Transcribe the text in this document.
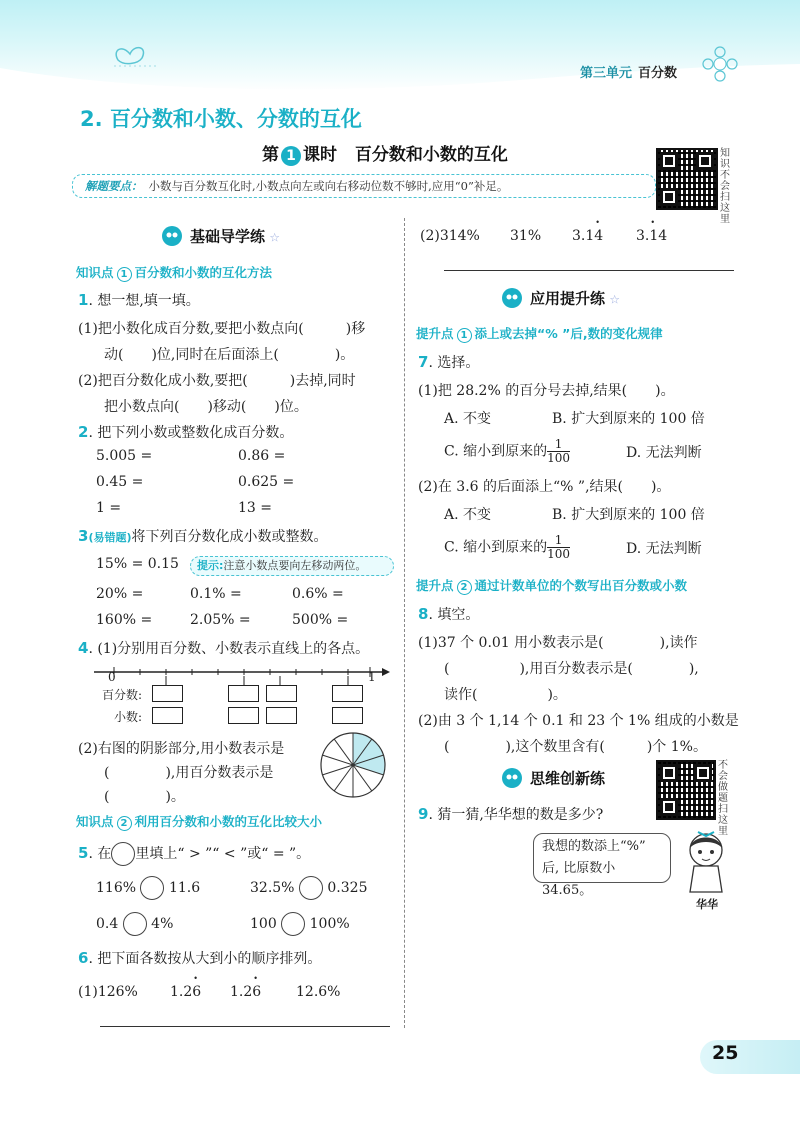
第三单元 百分数
2. 百分数和小数、分数的互化
第 1 课时 百分数和小数的互化
解题要点： 小数与百分数互化时,小数点向左或向右移动位数不够时,应用“0”补足。
知识不会扫这里
基础导学练 ☆
知识点 1 百分数和小数的互化方法
1. 想一想,填一填。
(1)把小数化成百分数,要把小数点向(　　　)移
动(　　)位,同时在后面添上(　　　　)。
(2)把百分数化成小数,要把(　　　)去掉,同时
把小数点向(　　)移动(　　)位。
2. 把下列小数或整数化成百分数。
5.005 =	0.86 =
0.45 =	0.625 =
1 =	13 =
3(易错题)将下列百分数化成小数或整数。
15% = 0.15	提示:注意小数点要向左移动两位。
20% =	0.1% =	0.6% =
160% =	2.05% =	500% =
4. (1)分别用百分数、小数表示直线上的各点。
0	1
百分数:
小数:
(2)右图的阴影部分,用小数表示是
(　　　　),用百分数表示是
(　　　　)。
知识点 2 利用百分数和小数的互化比较大小
5. 在 里填上“ > ”“ < ”或“ = ”。
116% 11.6	32.5% 0.325
0.4 4%	100 100%
6. 把下面各数按从大到小的顺序排列。
(1)126% 1.2• 6 1.2• 6 12.6%
(2)314% 31% 3.1• 4 3.• 14
应用提升练 ☆
提升点 1 添上或去掉“% ”后,数的变化规律
7. 选择。
(1)把 28.2% 的百分号去掉,结果(　　)。
A. 不变	B. 扩大到原来的 100 倍
C. 缩小到原来的 $\frac{1}{100}$	D. 无法判断
(2)在 3.6 的后面添上“% ”,结果(　　)。
A. 不变	B. 扩大到原来的 100 倍
C. 缩小到原来的 $\frac{1}{100}$	D. 无法判断
提升点 2 通过计数单位的个数写出百分数或小数
8. 填空。
(1)37 个 0.01 用小数表示是(　　　　),读作
(　　　　　),用百分数表示是(　　　　),
读作(　　　　　)。
(2)由 3 个 1,14 个 0.1 和 23 个 1% 组成的小数是
(　　　　),这个数里含有(　　　)个 1%。
思维创新练
不会做题扫这里
9. 猜一猜,华华想的数是多少?
我想的数添上“%”
后, 比原数小34.65。
华华
25
